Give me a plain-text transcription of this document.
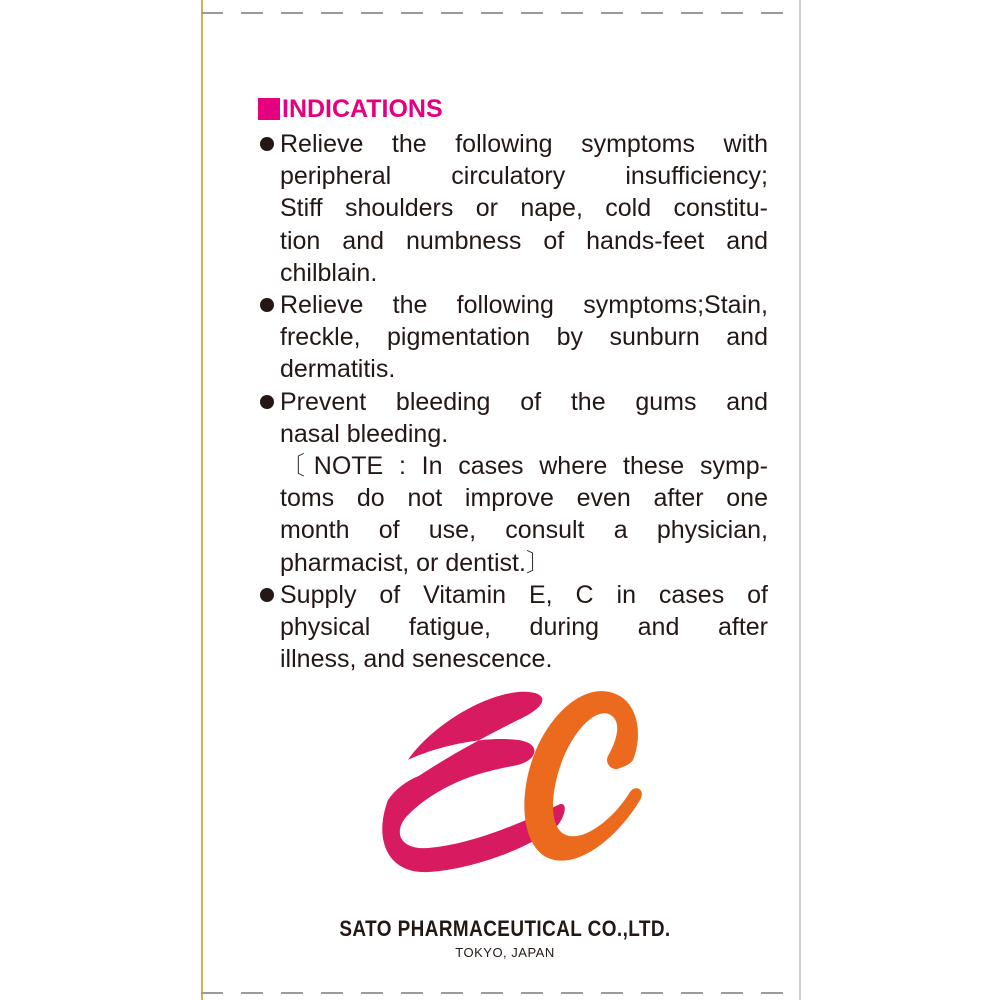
INDICATIONS
Relieve the following symptoms with
peripheral circulatory insufficiency;
Stiff shoulders or nape, cold constitu-
tion and numbness of hands-feet and
chilblain.
Relieve the following symptoms;Stain,
freckle, pigmentation by sunburn and
dermatitis.
Prevent bleeding of the gums and
nasal bleeding.
〔NOTE : In cases where these symp-
toms do not improve even after one
month of use, consult a physician,
pharmacist, or dentist.〕
Supply of Vitamin E, C in cases of
physical fatigue, during and after
illness, and senescence.
SATO PHARMACEUTICAL CO.,LTD.
TOKYO, JAPAN
